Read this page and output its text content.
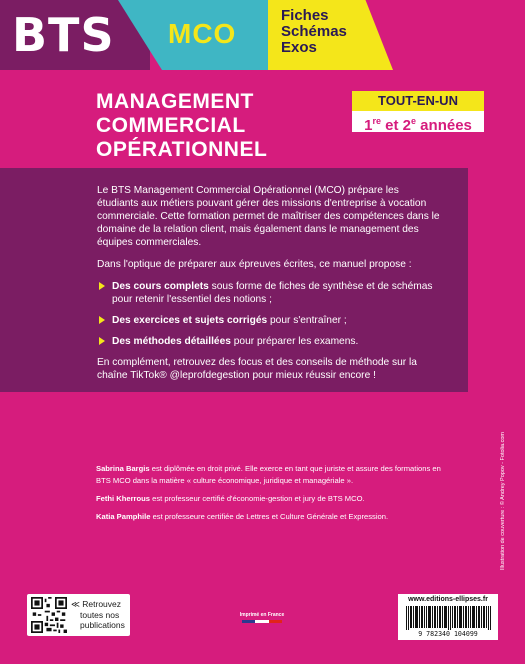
BTS MCO
Fiches
Schémas
Exos
MANAGEMENT
COMMERCIAL
OPÉRATIONNEL
TOUT-EN-UN
1re et 2e années

Le BTS Management Commercial Opérationnel (MCO) prépare les étudiants aux métiers pouvant gérer des missions d'entreprise à vocation commerciale. Cette formation permet de maîtriser des compétences dans le domaine de la relation client, mais également dans le management des équipes commerciales.

Dans l'optique de préparer aux épreuves écrites, ce manuel propose :

Des cours complets sous forme de fiches de synthèse et de schémas pour retenir l'essentiel des notions ;
Des exercices et sujets corrigés pour s'entraîner ;
Des méthodes détaillées pour préparer les examens.

En complément, retrouvez des focus et des conseils de méthode sur la chaîne TikTok® @leprofdegestion pour mieux réussir encore !

Sabrina Bargis est diplômée en droit privé. Elle exerce en tant que juriste et assure des formations en BTS MCO dans la matière « culture économique, juridique et managériale ».

Fethi Kherrous est professeur certifié d'économie-gestion et jury de BTS MCO.

Katia Pamphile est professeure certifiée de Lettres et Culture Générale et Expression.	Illustration de couverture : © Andrey Popov - Fotolia.com
≪ Retrouvez
toutes nos
publications
Imprimé en France
www.editions-ellipses.fr
9 782340 104099
